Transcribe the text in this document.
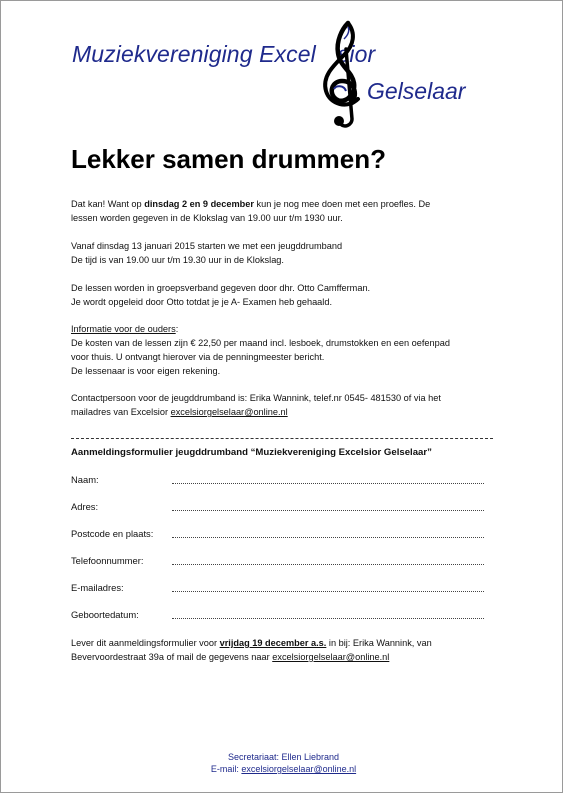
Muziekvereniging Excel sior
Gelselaar
Lekker samen drummen?

Dat kan! Want op dinsdag 2 en 9 december kun je nog mee doen met een proefles. De

lessen worden gegeven in de Klokslag van 19.00 uur t/m 1930 uur.

Vanaf dinsdag 13 januari 2015 starten we met een jeugddrumband

De tijd is van 19.00 uur t/m 19.30 uur in de Klokslag.

De lessen worden in groepsverband gegeven door dhr. Otto Camfferman.

Je wordt opgeleid door Otto totdat je je A- Examen heb gehaald.

Informatie voor de ouders:

De kosten van de lessen zijn € 22,50 per maand incl. lesboek, drumstokken en een oefenpad

voor thuis. U ontvangt hierover via de penningmeester bericht.

De lessenaar is voor eigen rekening.

Contactpersoon voor de jeugddrumband is: Erika Wannink, telef.nr 0545- 481530 of via het

mailadres van Excelsior excelsiorgelselaar@online.nl

Aanmeldingsformulier jeugddrumband “Muziekvereniging Excelsior Gelselaar”
Naam:
Adres:
Postcode en plaats:
Telefoonnummer:
E-mailadres:
Geboortedatum:

Lever dit aanmeldingsformulier voor vrijdag 19 december a.s. in bij: Erika Wannink, van

Bevervoordestraat 39a of mail de gegevens naar excelsiorgelselaar@online.nl

Secretariaat: Ellen Liebrand
E-mail: excelsiorgelselaar@online.nl
